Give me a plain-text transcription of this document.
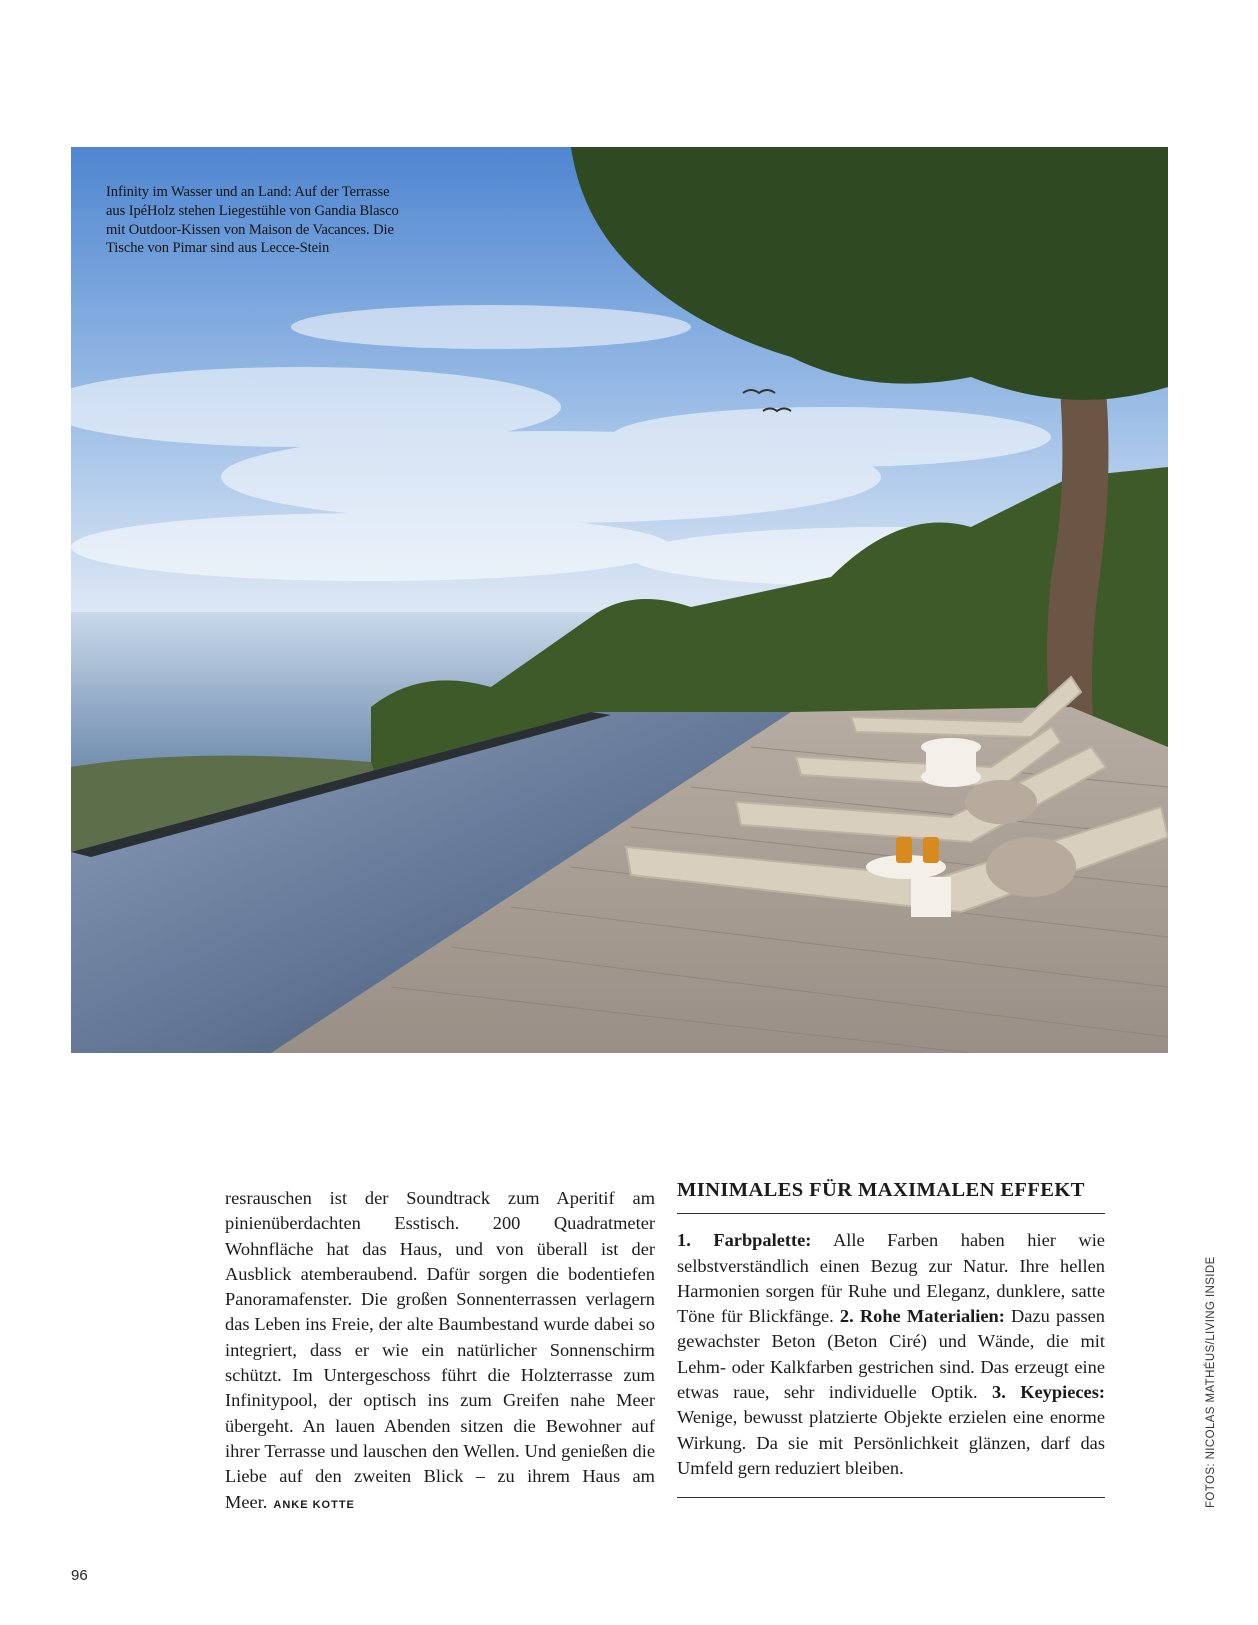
Infinity im Wasser und an Land: Auf der Terrasse aus IpéHolz stehen Liegestühle von Gandia Blasco mit Outdoor-Kissen von Maison de Vacances. Die Tische von Pimar sind aus Lecce-Stein
resrauschen ist der Soundtrack zum Aperitif am pinienüberdachten Esstisch. 200 Quadratmeter Wohnfläche hat das Haus, und von überall ist der Ausblick atemberaubend. Dafür sorgen die bodentiefen Panoramafenster. Die großen Sonnenterrassen verlagern das Leben ins Freie, der alte Baumbestand wurde dabei so integriert, dass er wie ein natürlicher Sonnenschirm schützt. Im Untergeschoss führt die Holzterrasse zum Infinitypool, der optisch ins zum Greifen nahe Meer übergeht. An lauen Abenden sitzen die Bewohner auf ihrer Terrasse und lauschen den Wellen. Und genießen die Liebe auf den zweiten Blick – zu ihrem Haus am Meer. ANKE KOTTE
MINIMALES FÜR MAXIMALEN EFFEKT
1. Farbpalette: Alle Farben haben hier wie selbstverständlich einen Bezug zur Natur. Ihre hellen Harmonien sorgen für Ruhe und Eleganz, dunklere, satte Töne für Blickfänge. 2. Rohe Materialien: Dazu passen gewachster Beton (Beton Ciré) und Wände, die mit Lehm- oder Kalkfarben gestrichen sind. Das erzeugt eine etwas raue, sehr individuelle Optik. 3. Keypieces: Wenige, bewusst platzierte Objekte erzielen eine enorme Wirkung. Da sie mit Persönlichkeit glänzen, darf das Umfeld gern reduziert bleiben.	FOTOS: NICOLAS MATHÉUS/LIVING INSIDE
96
